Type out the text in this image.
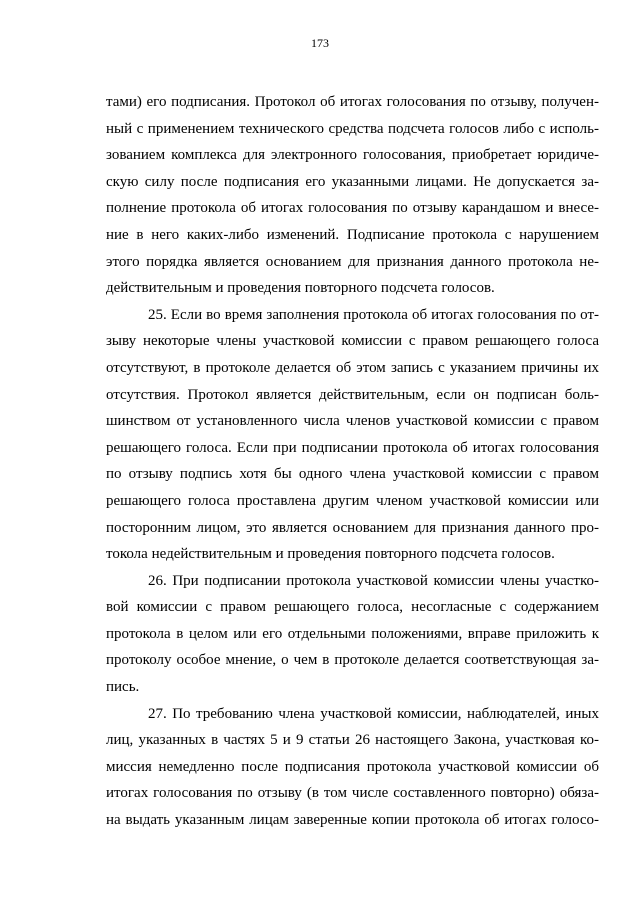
173
тами) его подписания. Протокол об итогах голосования по отзыву, получен-
ный с применением технического средства подсчета голосов либо с исполь-
зованием комплекса для электронного голосования, приобретает юридиче-
скую силу после подписания его указанными лицами. Не допускается за-
полнение протокола об итогах голосования по отзыву карандашом и внесе-
ние в него каких-либо изменений. Подписание протокола с нарушением
этого порядка является основанием для признания данного протокола не-
действительным и проведения повторного подсчета голосов.
25. Если во время заполнения протокола об итогах голосования по от-
зыву некоторые члены участковой комиссии с правом решающего голоса
отсутствуют, в протоколе делается об этом запись с указанием причины их
отсутствия. Протокол является действительным, если он подписан боль-
шинством от установленного числа членов участковой комиссии с правом
решающего голоса. Если при подписании протокола об итогах голосования
по отзыву подпись хотя бы одного члена участковой комиссии с правом
решающего голоса проставлена другим членом участковой комиссии или
посторонним лицом, это является основанием для признания данного про-
токола недействительным и проведения повторного подсчета голосов.
26. При подписании протокола участковой комиссии члены участко-
вой комиссии с правом решающего голоса, несогласные с содержанием
протокола в целом или его отдельными положениями, вправе приложить к
протоколу особое мнение, о чем в протоколе делается соответствующая за-
пись.
27. По требованию члена участковой комиссии, наблюдателей, иных
лиц, указанных в частях 5 и 9 статьи 26 настоящего Закона, участковая ко-
миссия немедленно после подписания протокола участковой комиссии об
итогах голосования по отзыву (в том числе составленного повторно) обяза-
на выдать указанным лицам заверенные копии протокола об итогах голосо-
